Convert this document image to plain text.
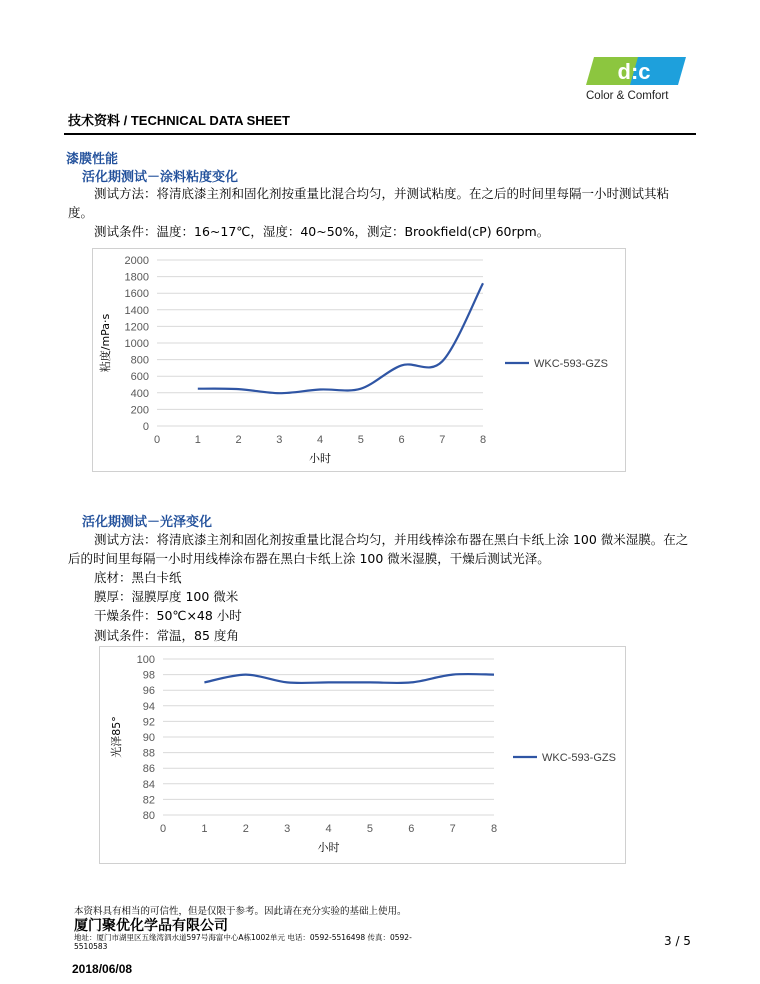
d:c
Color & Comfort
技术资料 / TECHNICAL DATA SHEET
漆膜性能
活化期测试－涂料粘度变化
测试方法：将清底漆主剂和固化剂按重量比混合均匀，并测试粘度。在之后的时间里每隔一小时测试其粘度。
测试条件：温度：16~17℃，湿度：40~50%，测定：Brookfield(cP) 60rpm。
0
200
400
600
800
1000
1200
1400
1600
1800
2000
0	1	2	3	4	5	6	7	8
小时
粘度/mPa·s	WKC-593-GZS
活化期测试－光泽变化
测试方法：将清底漆主剂和固化剂按重量比混合均匀，并用线棒涂布器在黑白卡纸上涂 100 微米湿膜。在之后的时间里每隔一小时用线棒涂布器在黑白卡纸上涂 100 微米湿膜，干燥后测试光泽。
底材：黑白卡纸
膜厚：湿膜厚度 100 微米
干燥条件：50℃×48 小时
测试条件：常温，85 度角
80
82
84
86
88
90
92
94
96
98
100
0	1	2	3	4	5	6	7	8
小时
光泽85°
WKC-593-GZS
本资料具有相当的可信性，但是仅限于参考。因此请在充分实验的基础上使用。
厦门聚优化学品有限公司
地址：厦门市湖里区五缘湾泗水道597号海富中心A栋1002单元 电话：0592-5516498 传真：0592-5510583	3 / 5
2018/06/08
